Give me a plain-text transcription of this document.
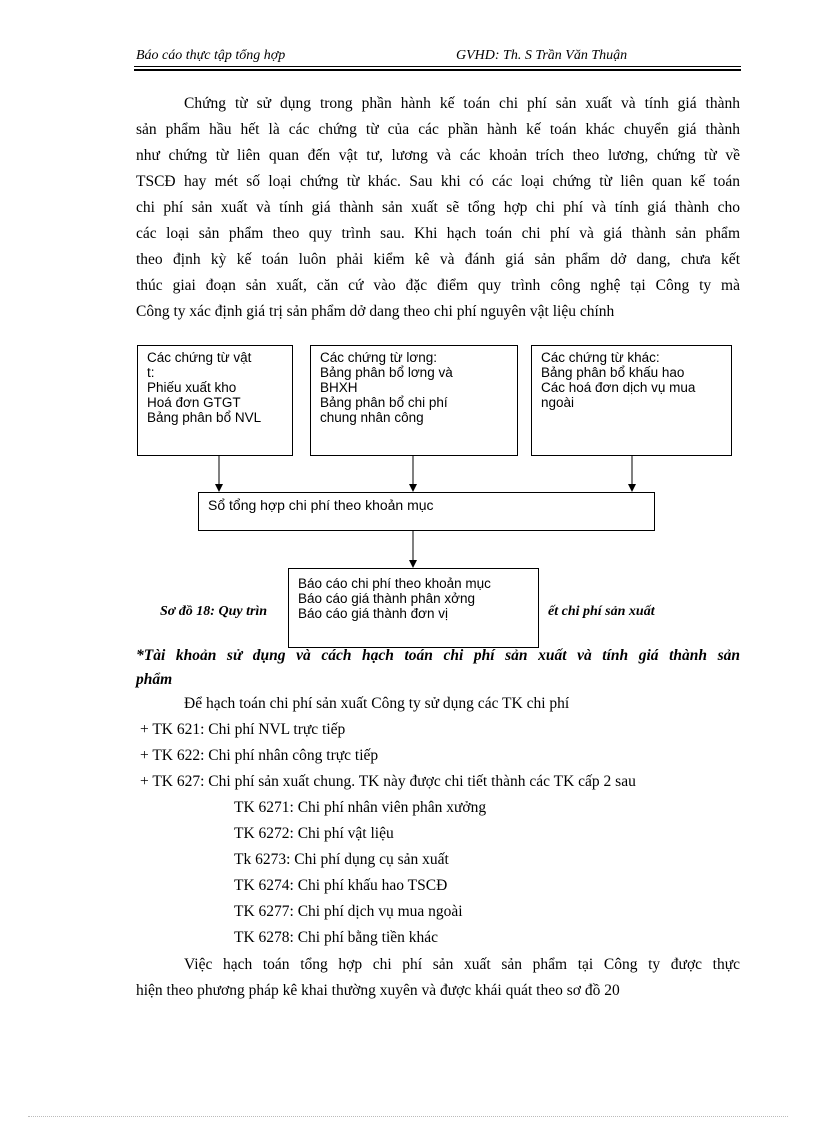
Báo cáo thực tập tổng hợp	GVHD: Th. S Trần Văn Thuận
Chứng từ sử dụng trong phần hành kế toán chi phí sản xuất và tính giá thành
sản phẩm hầu hết là các chứng từ của các phần hành kế toán khác chuyển giá thành
như chứng từ liên quan đến vật tư, lương và các khoản trích theo lương, chứng từ về
TSCĐ hay mét số loại chứng từ khác. Sau khi có các loại chứng từ liên quan kế toán
chi phí sản xuất và tính giá thành sản xuất sẽ tổng hợp chi phí và tính giá thành cho
các loại sản phẩm theo quy trình sau. Khi hạch toán chi phí và giá thành sản phẩm
theo định kỳ kế toán luôn phải kiểm kê và đánh giá sản phẩm dở dang, chưa kết
thúc giai đoạn sản xuất, căn cứ vào đặc điểm quy trình công nghệ tại Công ty mà
Công ty xác định giá trị sản phẩm dở dang theo chi phí nguyên vật liệu chính
Các chứng từ vật
t:
Phiếu xuất kho
Hoá đơn GTGT
Bảng phân bổ NVL
Các chứng từ lơng:
Bảng phân bổ lơng và
BHXH
Bảng phân bổ chi phí
chung nhân công
Các chứng từ khác:
Bảng phân bổ khấu hao
Các hoá đơn dịch vụ mua
ngoài
Sổ tổng hợp chi phí theo khoản mục
Sơ đồ 18: Quy trìn	ết chi phí sản xuất
Báo cáo chi phí theo khoản mục
Báo cáo giá thành phân xởng
Báo cáo giá thành đơn vị
*Tài khoản sử dụng và cách hạch toán chi phí sản xuất và tính giá thành sản
phẩm
Để hạch toán chi phí sản xuất Công ty sử dụng các TK chi phí
+ TK 621: Chi phí NVL trực tiếp
+ TK 622: Chi phí nhân công trực tiếp
+ TK 627: Chi phí sản xuất chung. TK này được chi tiết thành các TK cấp 2 sau
TK 6271: Chi phí nhân viên phân xưởng
TK 6272: Chi phí vật liệu
Tk 6273: Chi phí dụng cụ sản xuất
TK 6274: Chi phí khấu hao TSCĐ
TK 6277: Chi phí dịch vụ mua ngoài
TK 6278: Chi phí bằng tiền khác
Việc hạch toán tổng hợp chi phí sản xuất sản phẩm tại Công ty được thực
hiện theo phương pháp kê khai thường xuyên và được khái quát theo sơ đồ 20
